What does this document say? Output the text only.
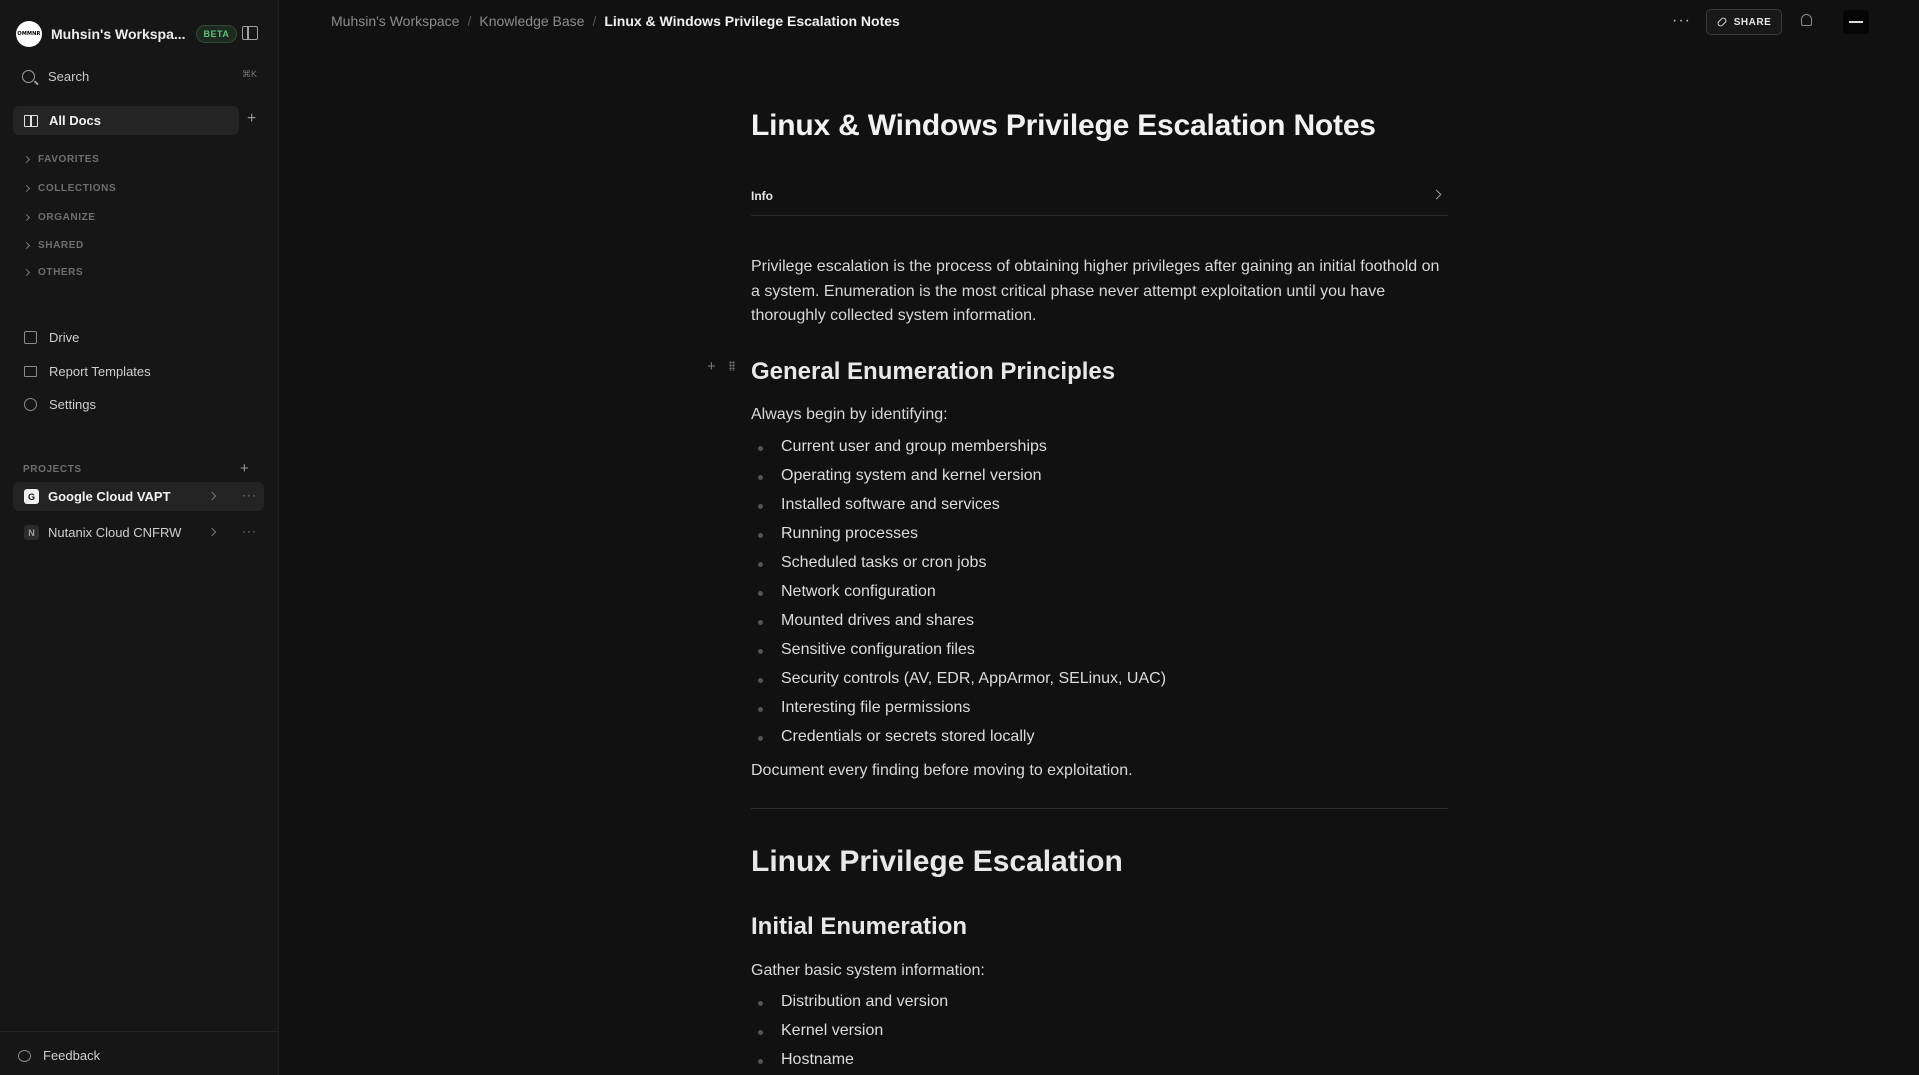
OMMNR Muhsin's Workspa...	BETA
Search	⌘K
All Docs	+
FAVORITES
COLLECTIONS
ORGANIZE
SHARED
OTHERS
Drive
Report Templates
Settings
PROJECTS	+
G	Google Cloud VAPT	···
N	Nutanix Cloud CNFRW	···
Feedback
Muhsin's Workspace / Knowledge Base / Linux & Windows Privilege Escalation Notes	···	SHARE
Linux & Windows Privilege Escalation Notes
Info

Privilege escalation is the process of obtaining higher privileges after gaining an initial foothold on a system. Enumeration is the most critical phase never attempt exploitation until you have thoroughly collected system information.

General Enumeration Principles

Always begin by identifying:

Current user and group memberships
Operating system and kernel version
Installed software and services
Running processes
Scheduled tasks or cron jobs
Network configuration
Mounted drives and shares
Sensitive configuration files
Security controls (AV, EDR, AppArmor, SELinux, UAC)
Interesting file permissions
Credentials or secrets stored locally

Document every finding before moving to exploitation.

Linux Privilege Escalation
Initial Enumeration

Gather basic system information:

Distribution and version
Kernel version
Hostname
+
